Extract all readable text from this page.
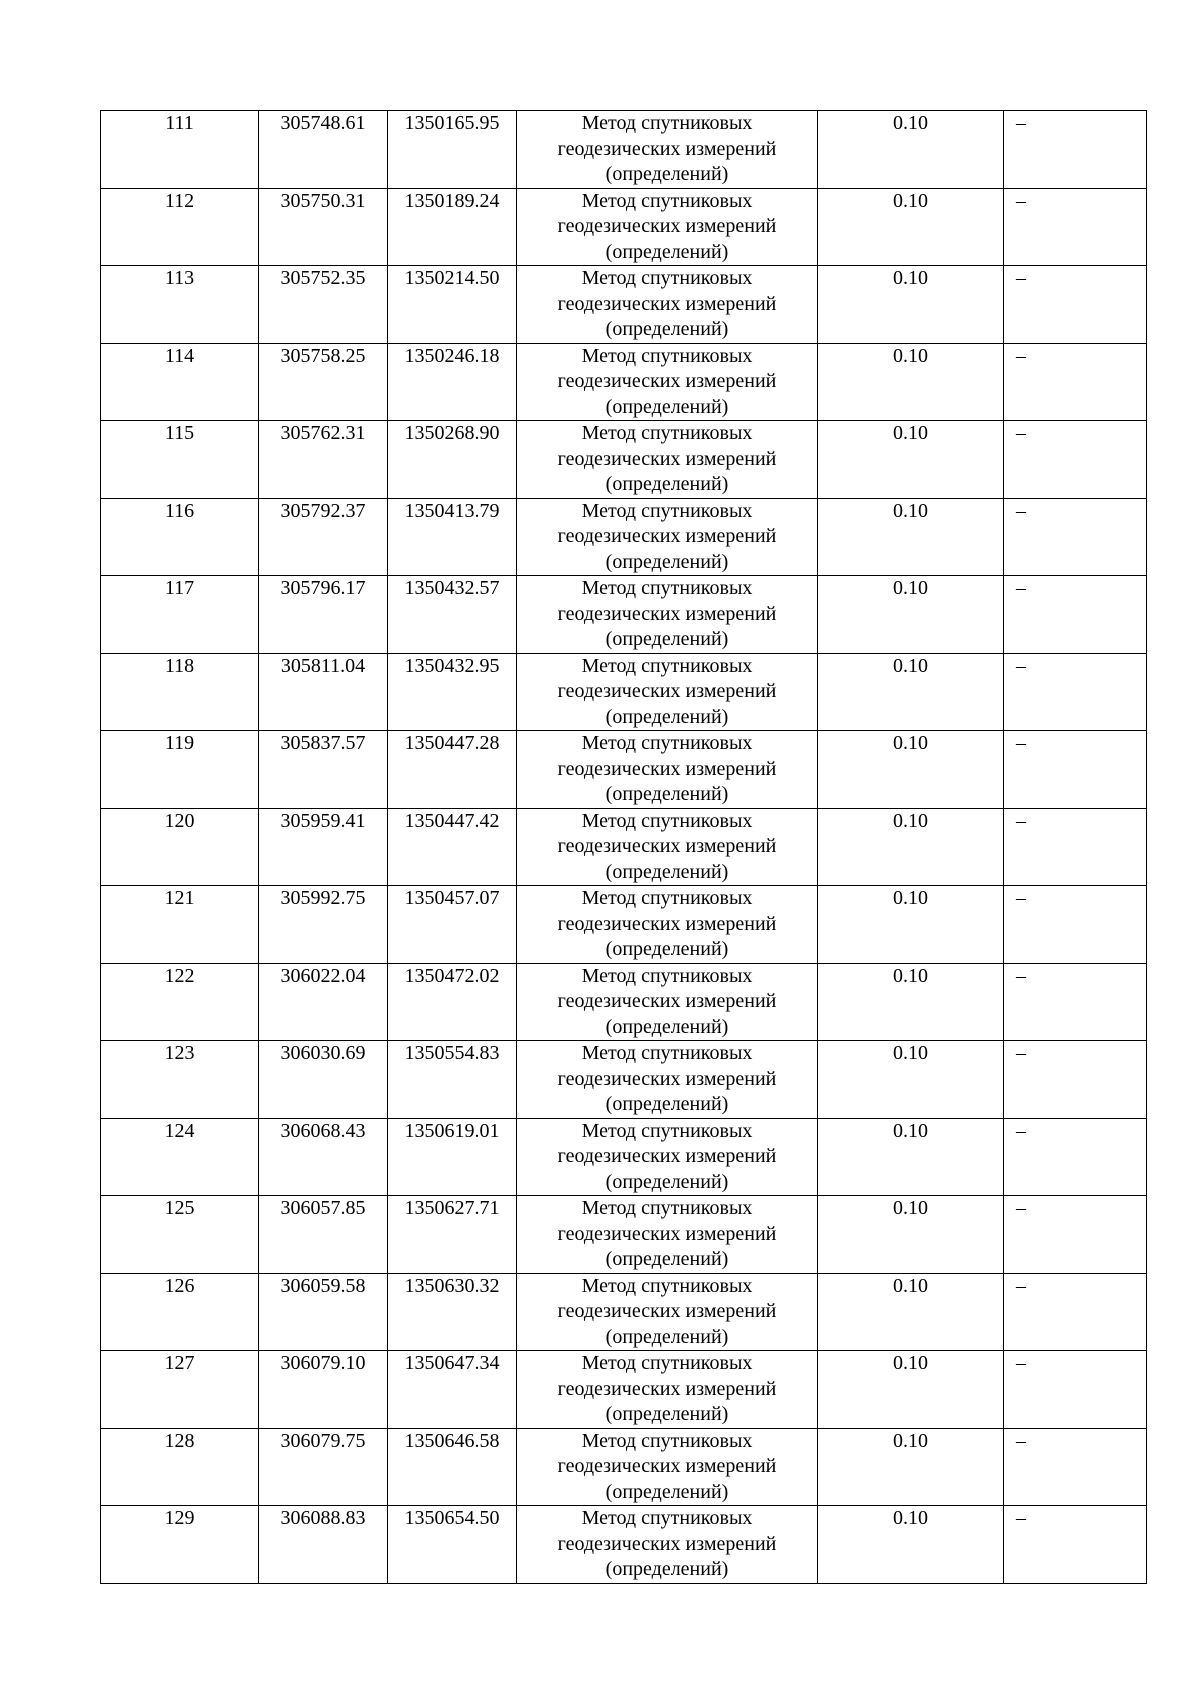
111	305748.61	1350165.95	Метод спутниковых геодезических измерений (определений)	0.10	–
112	305750.31	1350189.24	Метод спутниковых геодезических измерений (определений)	0.10	–
113	305752.35	1350214.50	Метод спутниковых геодезических измерений (определений)	0.10	–
114	305758.25	1350246.18	Метод спутниковых геодезических измерений (определений)	0.10	–
115	305762.31	1350268.90	Метод спутниковых геодезических измерений (определений)	0.10	–
116	305792.37	1350413.79	Метод спутниковых геодезических измерений (определений)	0.10	–
117	305796.17	1350432.57	Метод спутниковых геодезических измерений (определений)	0.10	–
118	305811.04	1350432.95	Метод спутниковых геодезических измерений (определений)	0.10	–
119	305837.57	1350447.28	Метод спутниковых геодезических измерений (определений)	0.10	–
120	305959.41	1350447.42	Метод спутниковых геодезических измерений (определений)	0.10	–
121	305992.75	1350457.07	Метод спутниковых геодезических измерений (определений)	0.10	–
122	306022.04	1350472.02	Метод спутниковых геодезических измерений (определений)	0.10	–
123	306030.69	1350554.83	Метод спутниковых геодезических измерений (определений)	0.10	–
124	306068.43	1350619.01	Метод спутниковых геодезических измерений (определений)	0.10	–
125	306057.85	1350627.71	Метод спутниковых геодезических измерений (определений)	0.10	–
126	306059.58	1350630.32	Метод спутниковых геодезических измерений (определений)	0.10	–
127	306079.10	1350647.34	Метод спутниковых геодезических измерений (определений)	0.10	–
128	306079.75	1350646.58	Метод спутниковых геодезических измерений (определений)	0.10	–
129	306088.83	1350654.50	Метод спутниковых геодезических измерений (определений)	0.10	–
